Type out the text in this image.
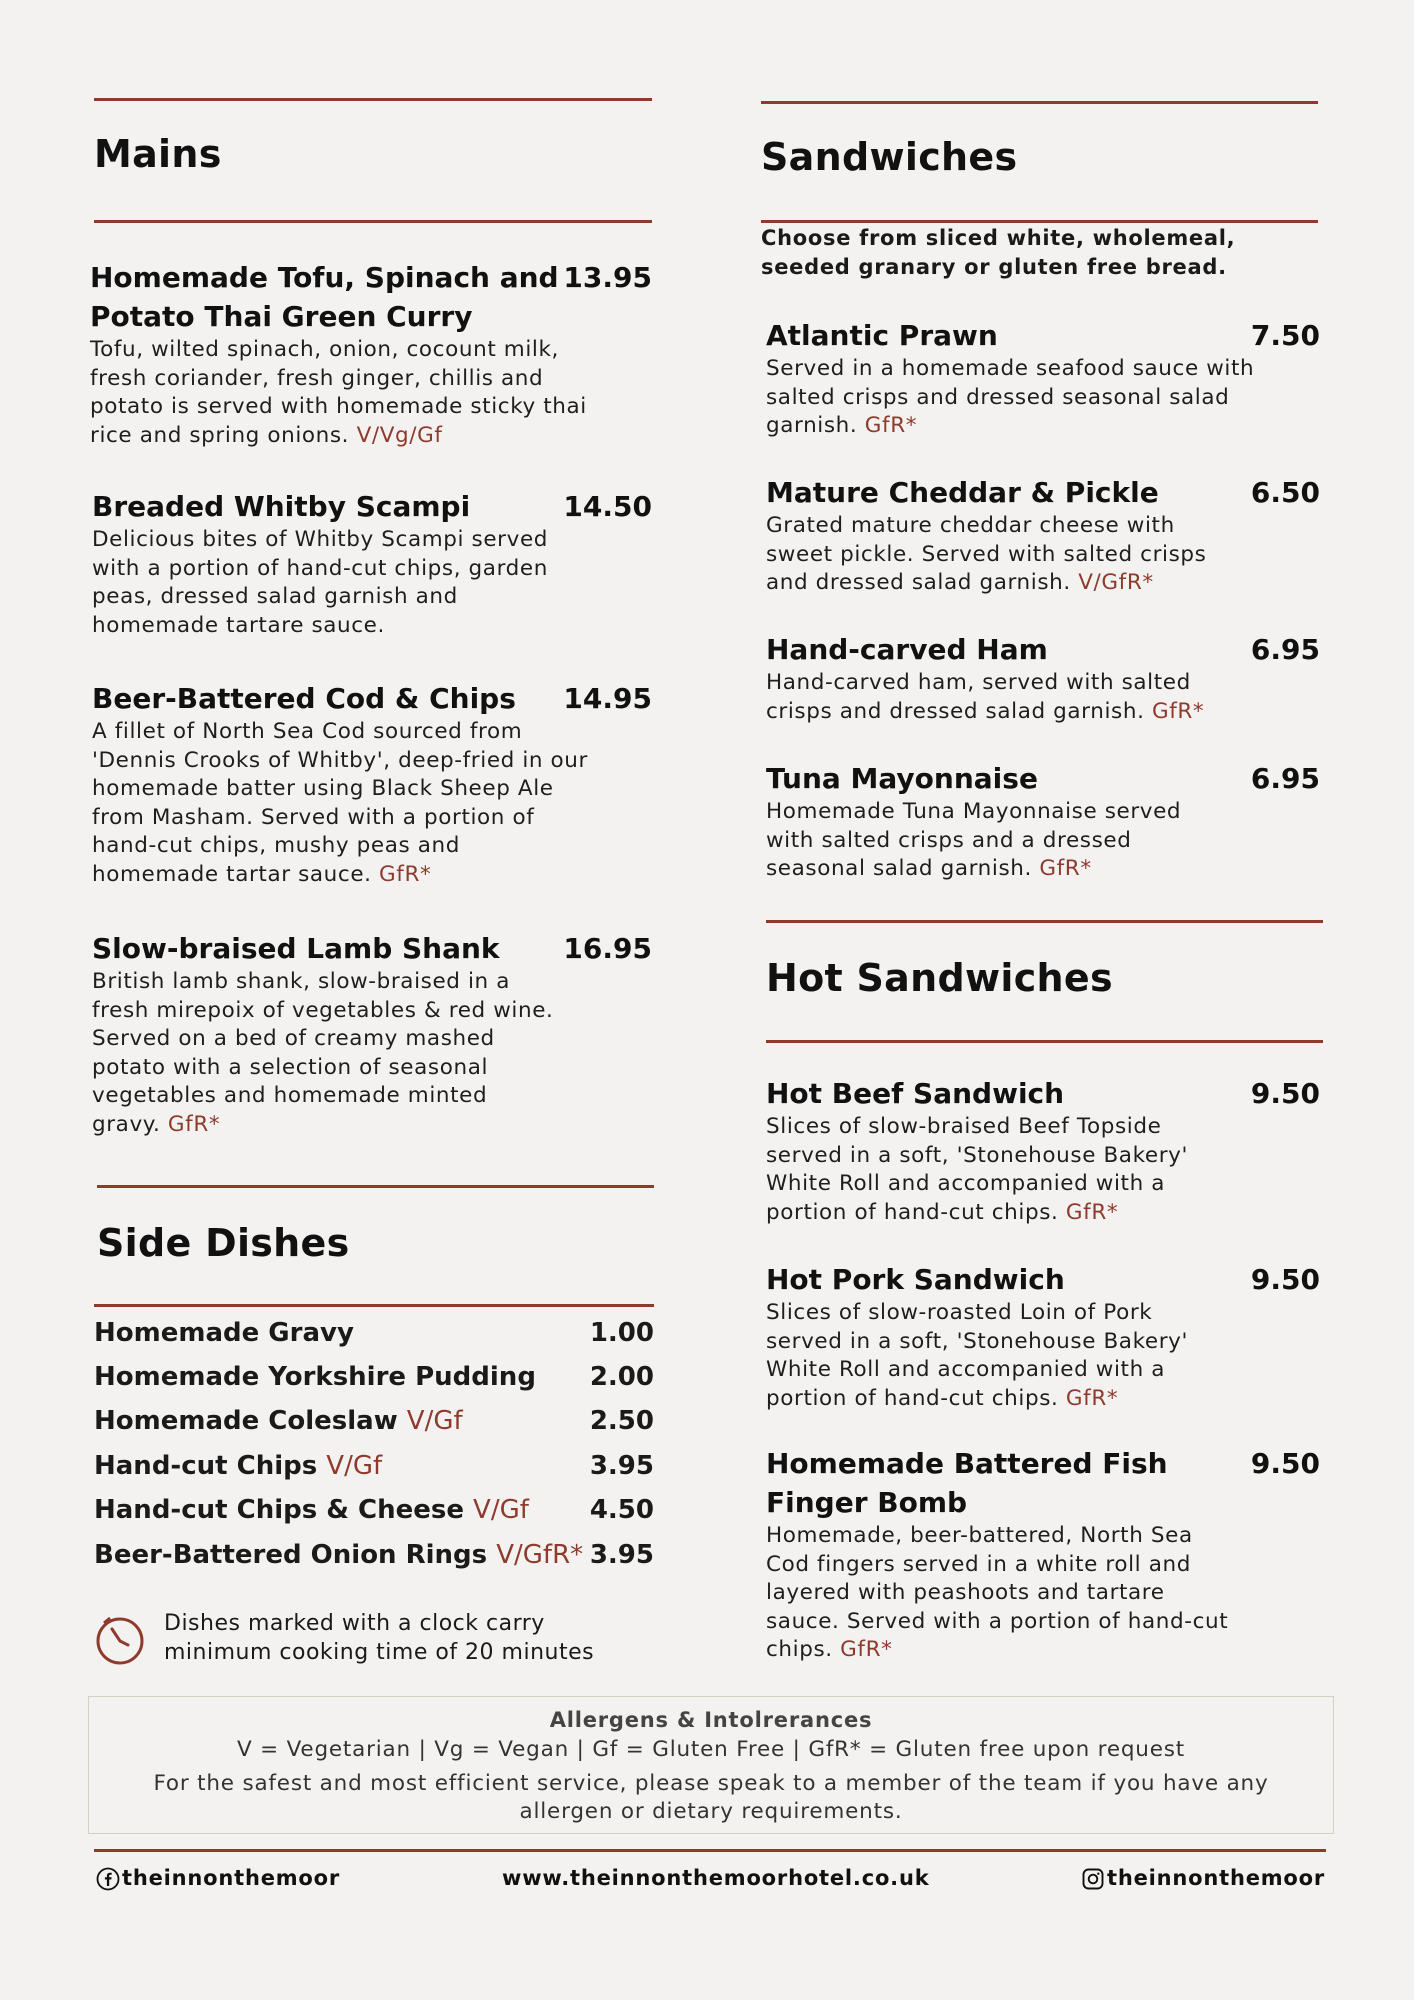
Mains
Homemade Tofu, Spinach and Potato Thai Green Curry
13.95
Tofu, wilted spinach, onion, cocount milk, fresh coriander, fresh ginger, chillis and potato is served with homemade sticky thai rice and spring onions. V/Vg/Gf
Breaded Whitby Scampi	14.50
Delicious bites of Whitby Scampi served with a portion of hand-cut chips, garden peas, dressed salad garnish and homemade tartare sauce.
Beer-Battered Cod & Chips	14.95
A fillet of North Sea Cod sourced from 'Dennis Crooks of Whitby', deep-fried in our homemade batter using Black Sheep Ale from Masham. Served with a portion of hand-cut chips, mushy peas and homemade tartar sauce. GfR*
Slow-braised Lamb Shank	16.95
British lamb shank, slow-braised in a fresh mirepoix of vegetables & red wine. Served on a bed of creamy mashed potato with a selection of seasonal vegetables and homemade minted gravy. GfR*
Side Dishes
Homemade Gravy	1.00
Homemade Yorkshire Pudding 2.00
Homemade Coleslaw V/Gf	2.50
Hand-cut Chips V/Gf	3.95
Hand-cut Chips & Cheese V/Gf 4.50
Beer-Battered Onion Rings V/GfR* 3.95
Dishes marked with a clock carry
minimum cooking time of 20 minutes
Sandwiches
Choose from sliced white, wholemeal, seeded granary or gluten free bread.
Atlantic Prawn	7.50
Served in a homemade seafood sauce with salted crisps and dressed seasonal salad garnish. GfR*
Mature Cheddar & Pickle	6.50
Grated mature cheddar cheese with sweet pickle. Served with salted crisps and dressed salad garnish. V/GfR*
Hand-carved Ham	6.95
Hand-carved ham, served with salted crisps and dressed salad garnish. GfR*
Tuna Mayonnaise	6.95
Homemade Tuna Mayonnaise served with salted crisps and a dressed seasonal salad garnish. GfR*
Hot Sandwiches
Hot Beef Sandwich	9.50
Slices of slow-braised Beef Topside served in a soft, 'Stonehouse Bakery' White Roll and accompanied with a portion of hand-cut chips. GfR*
Hot Pork Sandwich	9.50
Slices of slow-roasted Loin of Pork served in a soft, 'Stonehouse Bakery' White Roll and accompanied with a portion of hand-cut chips. GfR*
Homemade Battered Fish Finger Bomb
9.50
Homemade, beer-battered, North Sea Cod fingers served in a white roll and layered with peashoots and tartare sauce. Served with a portion of hand-cut chips. GfR*
Allergens & Intolrerances
V = Vegetarian | Vg = Vegan | Gf = Gluten Free | GfR* = Gluten free upon request
For the safest and most efficient service, please speak to a member of the team if you have any allergen or dietary requirements.
theinnonthemoor	www.theinnonthemoorhotel.co.uk	theinnonthemoor
